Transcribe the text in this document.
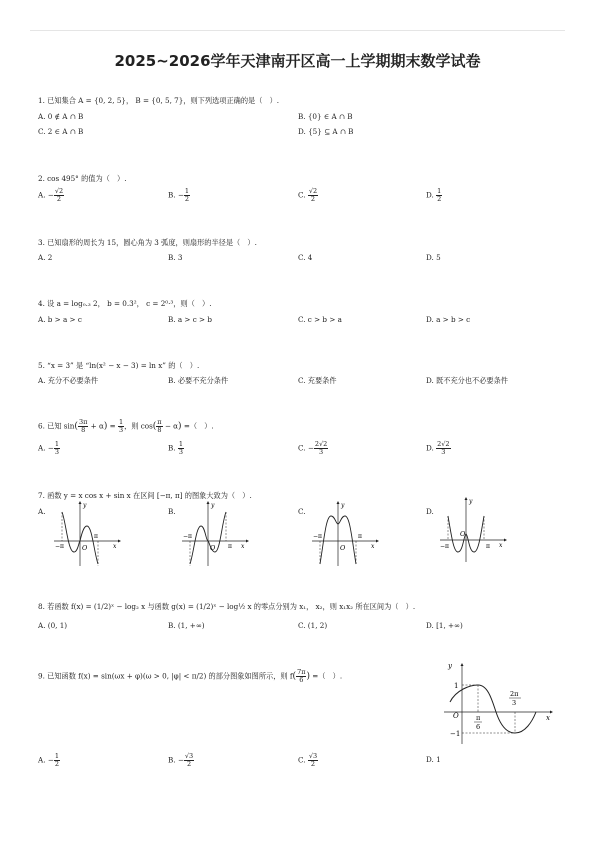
2025~2026学年天津南开区高一上学期期末数学试卷
1. 已知集合 A = {0, 2, 5}， B = {0, 5, 7}，则下列选项正确的是（　）.
A. 0 ∉ A ∩ B	B. {0} ∈ A ∩ B
C. 2 ∈ A ∩ B	D. {5} ⊆ A ∩ B
2. cos 495° 的值为（　）.
A. − $\frac{√2}{2}$	B. − $\frac{1}{2}$	C. $\frac{√2}{2}$	D. $\frac{1}{2}$
3. 已知扇形的周长为 15，圆心角为 3 弧度，则扇形的半径是（　）.
A. 2	B. 3	C. 4	D. 5
4. 设 a = log₀.₃ 2， b = 0.3²， c = 2⁰·³，则（　）.
A. b > a > c	B. a > c > b	C. c > b > a	D. a > b > c
5. “x = 3” 是 “ln(x² − x − 3) = ln x” 的（　）.
A. 充分不必要条件	B. 必要不充分条件	C. 充要条件	D. 既不充分也不必要条件
6. 已知 $\sin( \frac{3\pi}{8} + \alpha) = \frac{1}{3}$ ，则 $\cos( \frac{\pi}{8} - \alpha)$ =（　）.
A. − $\frac{1}{3}$	B. $\frac{1}{3}$	C. − $\frac{2√2}{3}$	D. $\frac{2√2}{3}$
7. 函数 y = x cos x + sin x 在区间 [−π, π] 的图象大致为（　）.
A.	B.	C.	D.
−π	O
π
x
y
−π
O π x
y
−π
O
π
x
y
−π
O
π x
y
8. 若函数 f(x) = (1/2)ˣ − log₂ x 与函数 g(x) = (1/2)ˣ − log½ x 的零点分别为 x₁， x₂，则 x₁x₂ 所在区间为（　）.
A. (0, 1)	B. (1, +∞)	C. (1, 2)	D. [1, +∞)
9. 已知函数 f(x) = sin(ωx + φ)(ω > 0, |φ| < π/2) 的部分图象如图所示，则 $f( \frac{7\pi}{6}$ ) =（　）.
y
x
O
1
−1
π
6
2π
3
A. − $\frac{1}{2}$	B. − $\frac{√3}{2}$	C. $\frac{√3}{2}$	D. 1
